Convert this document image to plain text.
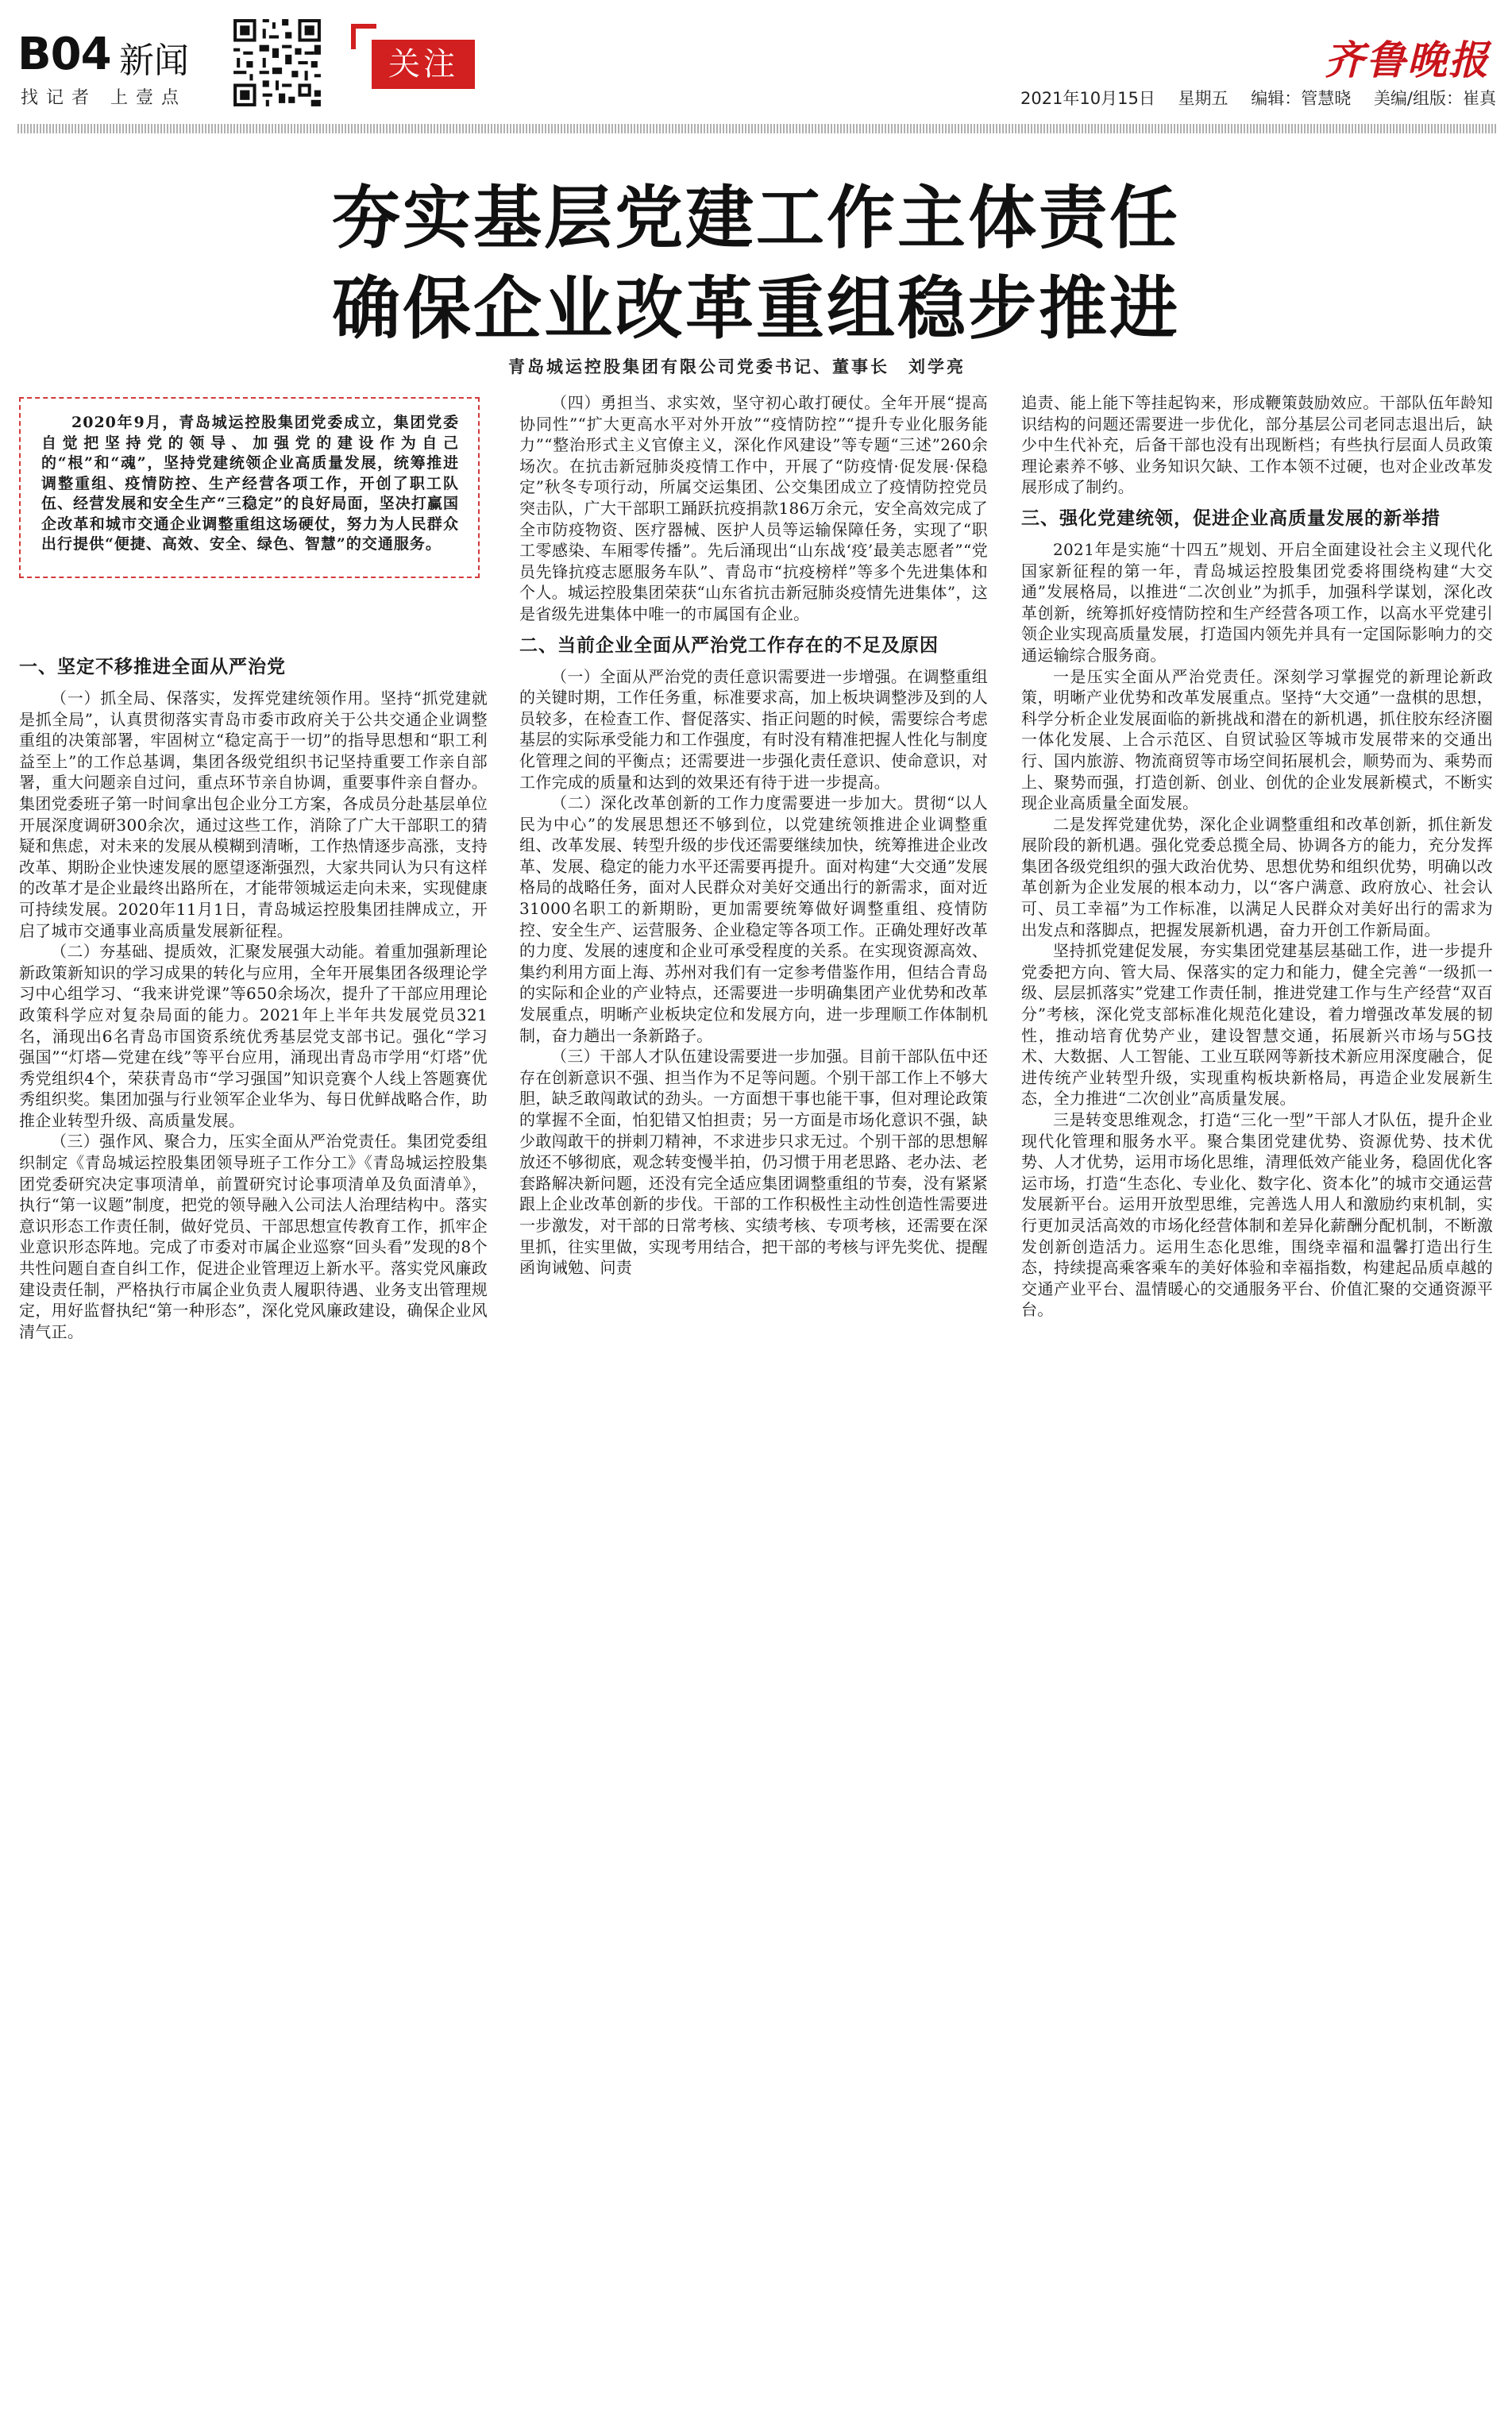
B04 新闻
找记者 上壹点
关注	齐鲁晚报
2021年10月15日 星期五 编辑：管慧晓 美编/组版：崔真
夯实基层党建工作主体责任
确保企业改革重组稳步推进
青岛城运控股集团有限公司党委书记、董事长　刘学亮

2020年9月，青岛城运控股集团党委成立，集团党委自觉把坚持党的领导、加强党的建设作为自己的“根”和“魂”，坚持党建统领企业高质量发展，统筹推进调整重组、疫情防控、生产经营各项工作，开创了职工队伍、经营发展和安全生产“三稳定”的良好局面，坚决打赢国企改革和城市交通企业调整重组这场硬仗，努力为人民群众出行提供“便捷、高效、安全、绿色、智慧”的交通服务。

一、坚定不移推进全面从严治党

（一）抓全局、保落实，发挥党建统领作用。坚持“抓党建就是抓全局”，认真贯彻落实青岛市委市政府关于公共交通企业调整重组的决策部署，牢固树立“稳定高于一切”的指导思想和“职工利益至上”的工作总基调，集团各级党组织书记坚持重要工作亲自部署，重大问题亲自过问，重点环节亲自协调，重要事件亲自督办。集团党委班子第一时间拿出包企业分工方案，各成员分赴基层单位开展深度调研300余次，通过这些工作，消除了广大干部职工的猜疑和焦虑，对未来的发展从模糊到清晰，工作热情逐步高涨，支持改革、期盼企业快速发展的愿望逐渐强烈，大家共同认为只有这样的改革才是企业最终出路所在，才能带领城运走向未来，实现健康可持续发展。2020年11月1日，青岛城运控股集团挂牌成立，开启了城市交通事业高质量发展新征程。

（二）夯基础、提质效，汇聚发展强大动能。着重加强新理论新政策新知识的学习成果的转化与应用，全年开展集团各级理论学习中心组学习、“我来讲党课”等650余场次，提升了干部应用理论政策科学应对复杂局面的能力。2021年上半年共发展党员321名，涌现出6名青岛市国资系统优秀基层党支部书记。强化“学习强国”“灯塔—党建在线”等平台应用，涌现出青岛市学用“灯塔”优秀党组织4个，荣获青岛市“学习强国”知识竞赛个人线上答题赛优秀组织奖。集团加强与行业领军企业华为、每日优鲜战略合作，助推企业转型升级、高质量发展。

（三）强作风、聚合力，压实全面从严治党责任。集团党委组织制定《青岛城运控股集团领导班子工作分工》《青岛城运控股集团党委研究决定事项清单，前置研究讨论事项清单及负面清单》，执行“第一议题”制度，把党的领导融入公司法人治理结构中。落实意识形态工作责任制，做好党员、干部思想宣传教育工作，抓牢企业意识形态阵地。完成了市委对市属企业巡察“回头看”发现的8个共性问题自查自纠工作，促进企业管理迈上新水平。落实党风廉政建设责任制，严格执行市属企业负责人履职待遇、业务支出管理规定，用好监督执纪“第一种形态”，深化党风廉政建设，确保企业风清气正。

（四）勇担当、求实效，坚守初心敢打硬仗。全年开展“提高协同性”“扩大更高水平对外开放”“疫情防控”“提升专业化服务能力”“整治形式主义官僚主义，深化作风建设”等专题“三述”260余场次。在抗击新冠肺炎疫情工作中，开展了“防疫情·促发展·保稳定”秋冬专项行动，所属交运集团、公交集团成立了疫情防控党员突击队，广大干部职工踊跃抗疫捐款186万余元，安全高效完成了全市防疫物资、医疗器械、医护人员等运输保障任务，实现了“职工零感染、车厢零传播”。先后涌现出“山东战‘疫’最美志愿者”“党员先锋抗疫志愿服务车队”、青岛市“抗疫榜样”等多个先进集体和个人。城运控股集团荣获“山东省抗击新冠肺炎疫情先进集体”，这是省级先进集体中唯一的市属国有企业。

二、当前企业全面从严治党工作存在的不足及原因

（一）全面从严治党的责任意识需要进一步增强。在调整重组的关键时期，工作任务重，标准要求高，加上板块调整涉及到的人员较多，在检查工作、督促落实、指正问题的时候，需要综合考虑基层的实际承受能力和工作强度，有时没有精准把握人性化与制度化管理之间的平衡点；还需要进一步强化责任意识、使命意识，对工作完成的质量和达到的效果还有待于进一步提高。

（二）深化改革创新的工作力度需要进一步加大。贯彻“以人民为中心”的发展思想还不够到位，以党建统领推进企业调整重组、改革发展、转型升级的步伐还需要继续加快，统筹推进企业改革、发展、稳定的能力水平还需要再提升。面对构建“大交通”发展格局的战略任务，面对人民群众对美好交通出行的新需求，面对近31000名职工的新期盼，更加需要统筹做好调整重组、疫情防控、安全生产、运营服务、企业稳定等各项工作。正确处理好改革的力度、发展的速度和企业可承受程度的关系。在实现资源高效、集约利用方面上海、苏州对我们有一定参考借鉴作用，但结合青岛的实际和企业的产业特点，还需要进一步明确集团产业优势和改革发展重点，明晰产业板块定位和发展方向，进一步理顺工作体制机制，奋力趟出一条新路子。

（三）干部人才队伍建设需要进一步加强。目前干部队伍中还存在创新意识不强、担当作为不足等问题。个别干部工作上不够大胆，缺乏敢闯敢试的劲头。一方面想干事也能干事，但对理论政策的掌握不全面，怕犯错又怕担责；另一方面是市场化意识不强，缺少敢闯敢干的拼刺刀精神，不求进步只求无过。个别干部的思想解放还不够彻底，观念转变慢半拍，仍习惯于用老思路、老办法、老套路解决新问题，还没有完全适应集团调整重组的节奏，没有紧紧跟上企业改革创新的步伐。干部的工作积极性主动性创造性需要进一步激发，对干部的日常考核、实绩考核、专项考核，还需要在深里抓，往实里做，实现考用结合，把干部的考核与评先奖优、提醒函询诫勉、问责

追责、能上能下等挂起钩来，形成鞭策鼓励效应。干部队伍年龄知识结构的问题还需要进一步优化，部分基层公司老同志退出后，缺少中生代补充，后备干部也没有出现断档；有些执行层面人员政策理论素养不够、业务知识欠缺、工作本领不过硬，也对企业改革发展形成了制约。

三、强化党建统领，促进企业高质量发展的新举措

2021年是实施“十四五”规划、开启全面建设社会主义现代化国家新征程的第一年，青岛城运控股集团党委将围绕构建“大交通”发展格局，以推进“二次创业”为抓手，加强科学谋划，深化改革创新，统筹抓好疫情防控和生产经营各项工作，以高水平党建引领企业实现高质量发展，打造国内领先并具有一定国际影响力的交通运输综合服务商。

一是压实全面从严治党责任。深刻学习掌握党的新理论新政策，明晰产业优势和改革发展重点。坚持“大交通”一盘棋的思想，科学分析企业发展面临的新挑战和潜在的新机遇，抓住胶东经济圈一体化发展、上合示范区、自贸试验区等城市发展带来的交通出行、国内旅游、物流商贸等市场空间拓展机会，顺势而为、乘势而上、聚势而强，打造创新、创业、创优的企业发展新模式，不断实现企业高质量全面发展。

二是发挥党建优势，深化企业调整重组和改革创新，抓住新发展阶段的新机遇。强化党委总揽全局、协调各方的能力，充分发挥集团各级党组织的强大政治优势、思想优势和组织优势，明确以改革创新为企业发展的根本动力，以“客户满意、政府放心、社会认可、员工幸福”为工作标准，以满足人民群众对美好出行的需求为出发点和落脚点，把握发展新机遇，奋力开创工作新局面。

坚持抓党建促发展，夯实集团党建基层基础工作，进一步提升党委把方向、管大局、保落实的定力和能力，健全完善“一级抓一级、层层抓落实”党建工作责任制，推进党建工作与生产经营“双百分”考核，深化党支部标准化规范化建设，着力增强改革发展的韧性，推动培育优势产业，建设智慧交通，拓展新兴市场与5G技术、大数据、人工智能、工业互联网等新技术新应用深度融合，促进传统产业转型升级，实现重构板块新格局，再造企业发展新生态，全力推进“二次创业”高质量发展。

三是转变思维观念，打造“三化一型”干部人才队伍，提升企业现代化管理和服务水平。聚合集团党建优势、资源优势、技术优势、人才优势，运用市场化思维，清理低效产能业务，稳固优化客运市场，打造“生态化、专业化、数字化、资本化”的城市交通运营发展新平台。运用开放型思维，完善选人用人和激励约束机制，实行更加灵活高效的市场化经营体制和差异化薪酬分配机制，不断激发创新创造活力。运用生态化思维，围绕幸福和温馨打造出行生态，持续提高乘客乘车的美好体验和幸福指数，构建起品质卓越的交通产业平台、温情暖心的交通服务平台、价值汇聚的交通资源平台。
